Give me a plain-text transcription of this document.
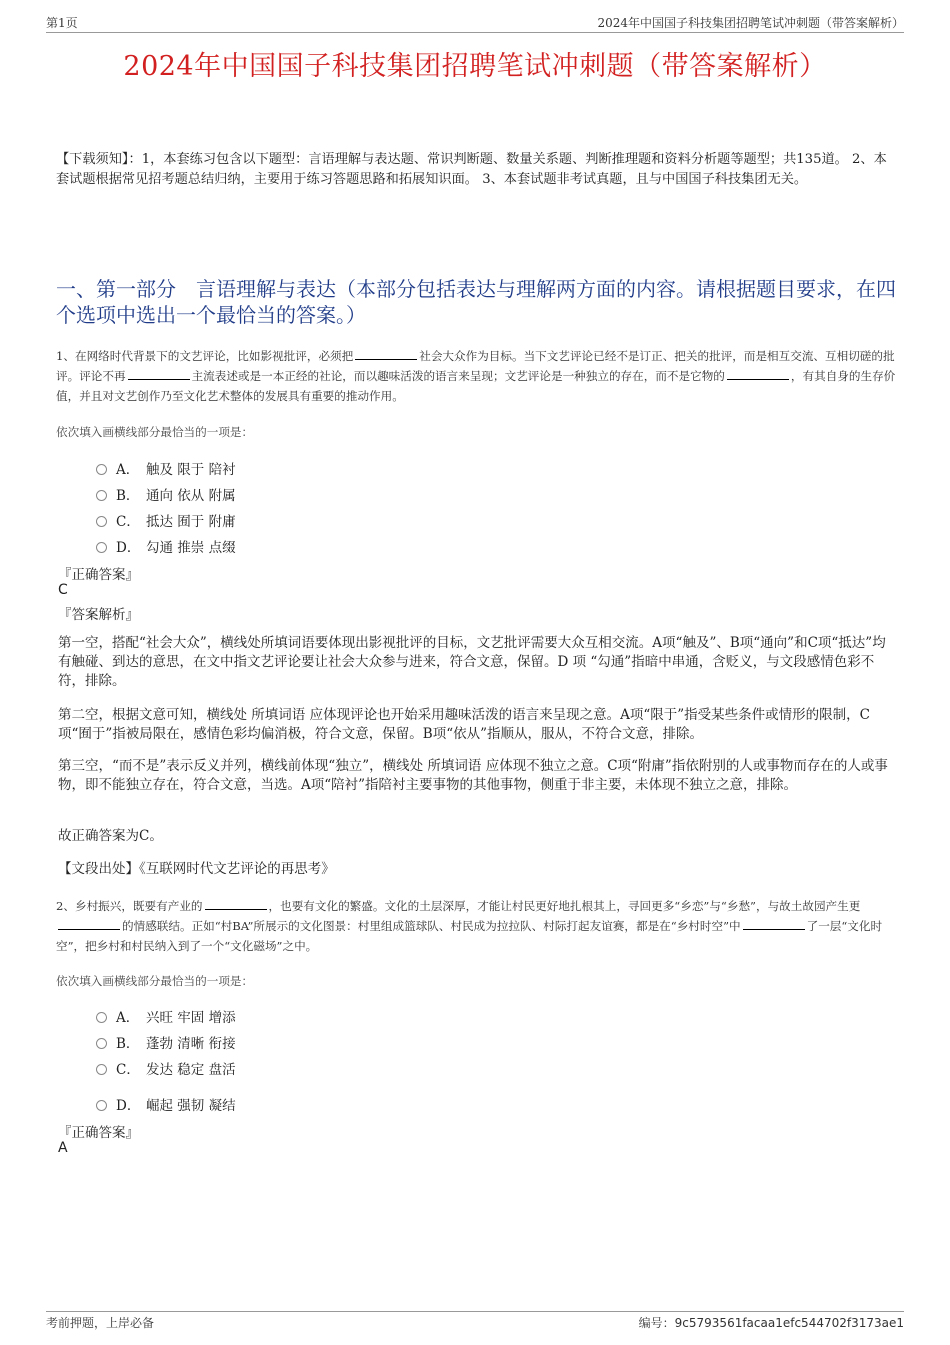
第1页	2024年中国国子科技集团招聘笔试冲刺题（带答案解析）
2024年中国国子科技集团招聘笔试冲刺题（带答案解析）
【下载须知】：1，本套练习包含以下题型：言语理解与表达题、常识判断题、数量关系题、判断推理题和资料分析题等题型；共135道。 2、本套试题根据常见招考题总结归纳，主要用于练习答题思路和拓展知识面。 3、本套试题非考试真题，且与中国国子科技集团无关。
一、第一部分　言语理解与表达（本部分包括表达与理解两方面的内容。请根据题目要求，在四个选项中选出一个最恰当的答案。）
1、在网络时代背景下的文艺评论，比如影视批评，必须把	社会大众作为目标。当下文艺评论已经不是订正、把关的批评，而是相互交流、互相切磋的批评。评论不再	主流表述或是一本正经的社论，而以趣味活泼的语言来呈现；文艺评论是一种独立的存在，而不是它物的	，有其自身的生存价值，并且对文艺创作乃至文化艺术整体的发展具有重要的推动作用。
依次填入画横线部分最恰当的一项是：
A． 触及 限于 陪衬
B． 通向 依从 附属
C． 抵达 囿于 附庸
D． 勾通 推崇 点缀
『正确答案』
C
『答案解析』
第一空，搭配“社会大众”，横线处所填词语要体现出影视批评的目标，文艺批评需要大众互相交流。A项“触及”、B项“通向”和C项“抵达”均有触碰、到达的意思，在文中指文艺评论要让社会大众参与进来，符合文意，保留。D 项 “勾通”指暗中串通，含贬义，与文段感情色彩不符，排除。
第二空，根据文意可知，横线处 所填词语 应体现评论也开始采用趣味活泼的语言来呈现之意。A项“限于”指受某些条件或情形的限制，C项“囿于”指被局限在，感情色彩均偏消极，符合文意，保留。B项“依从”指顺从，服从，不符合文意，排除。
第三空，“而不是”表示反义并列，横线前体现“独立”，横线处 所填词语 应体现不独立之意。C项“附庸”指依附别的人或事物而存在的人或事物，即不能独立存在，符合文意，当选。A项“陪衬”指陪衬主要事物的其他事物，侧重于非主要，未体现不独立之意，排除。
故正确答案为C。
【文段出处】《互联网时代文艺评论的再思考》
2、乡村振兴，既要有产业的	，也要有文化的繁盛。文化的土层深厚，才能让村民更好地扎根其上，寻回更多“乡恋”与“乡愁”，与故土故园产生更的情感联结。正如“村BA”所展示的文化图景：村里组成篮球队、村民成为拉拉队、村际打起友谊赛，都是在“乡村时空”中	了一层“文化时空”，把乡村和村民纳入到了一个“文化磁场”之中。
依次填入画横线部分最恰当的一项是：
A． 兴旺 牢固 增添
B． 蓬勃 清晰 衔接
C． 发达 稳定 盘活
D． 崛起 强韧 凝结
『正确答案』
A
考前押题，上岸必备	编号：9c5793561facaa1efc544702f3173ae1
